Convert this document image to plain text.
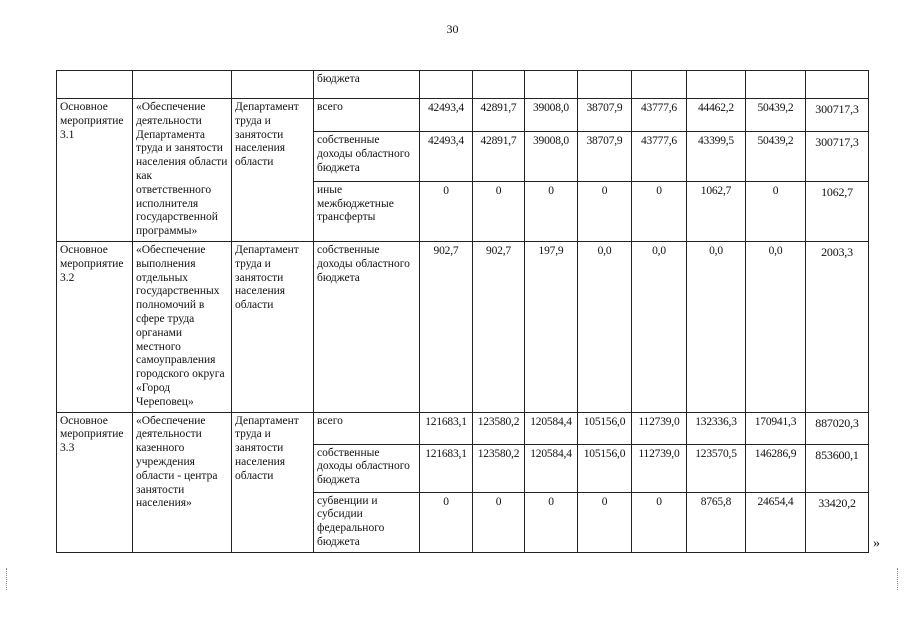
30
			бюджета								
Основное мероприятие 3.1	«Обеспечение деятельности Департамента труда и занятости населения области как ответственного исполнителя государственной программы»	Департамент труда и занятости населения области	всего	42493,4	42891,7	39008,0	38707,9	43777,6	44462,2	50439,2	300717,3
			собственные доходы областного бюджета	42493,4	42891,7	39008,0	38707,9	43777,6	43399,5	50439,2	300717,3
			иные межбюджетные трансферты	0	0	0	0	0	1062,7	0	1062,7
Основное мероприятие 3.2	«Обеспечение выполнения отдельных государственных полномочий в сфере труда органами местного самоуправления городского округа «Город Череповец»	Департамент труда и занятости населения области	собственные доходы областного бюджета	902,7	902,7	197,9	0,0	0,0	0,0	0,0	2003,3
Основное мероприятие 3.3	«Обеспечение деятельности казенного учреждения области - центра занятости населения»	Департамент труда и занятости населения области	всего	121683,1	123580,2	120584,4	105156,0	112739,0	132336,3	170941,3	887020,3
			собственные доходы областного бюджета	121683,1	123580,2	120584,4	105156,0	112739,0	123570,5	146286,9	853600,1
			субвенции и субсидии федерального бюджета	0	0	0	0	0	8765,8	24654,4	33420,2
»
